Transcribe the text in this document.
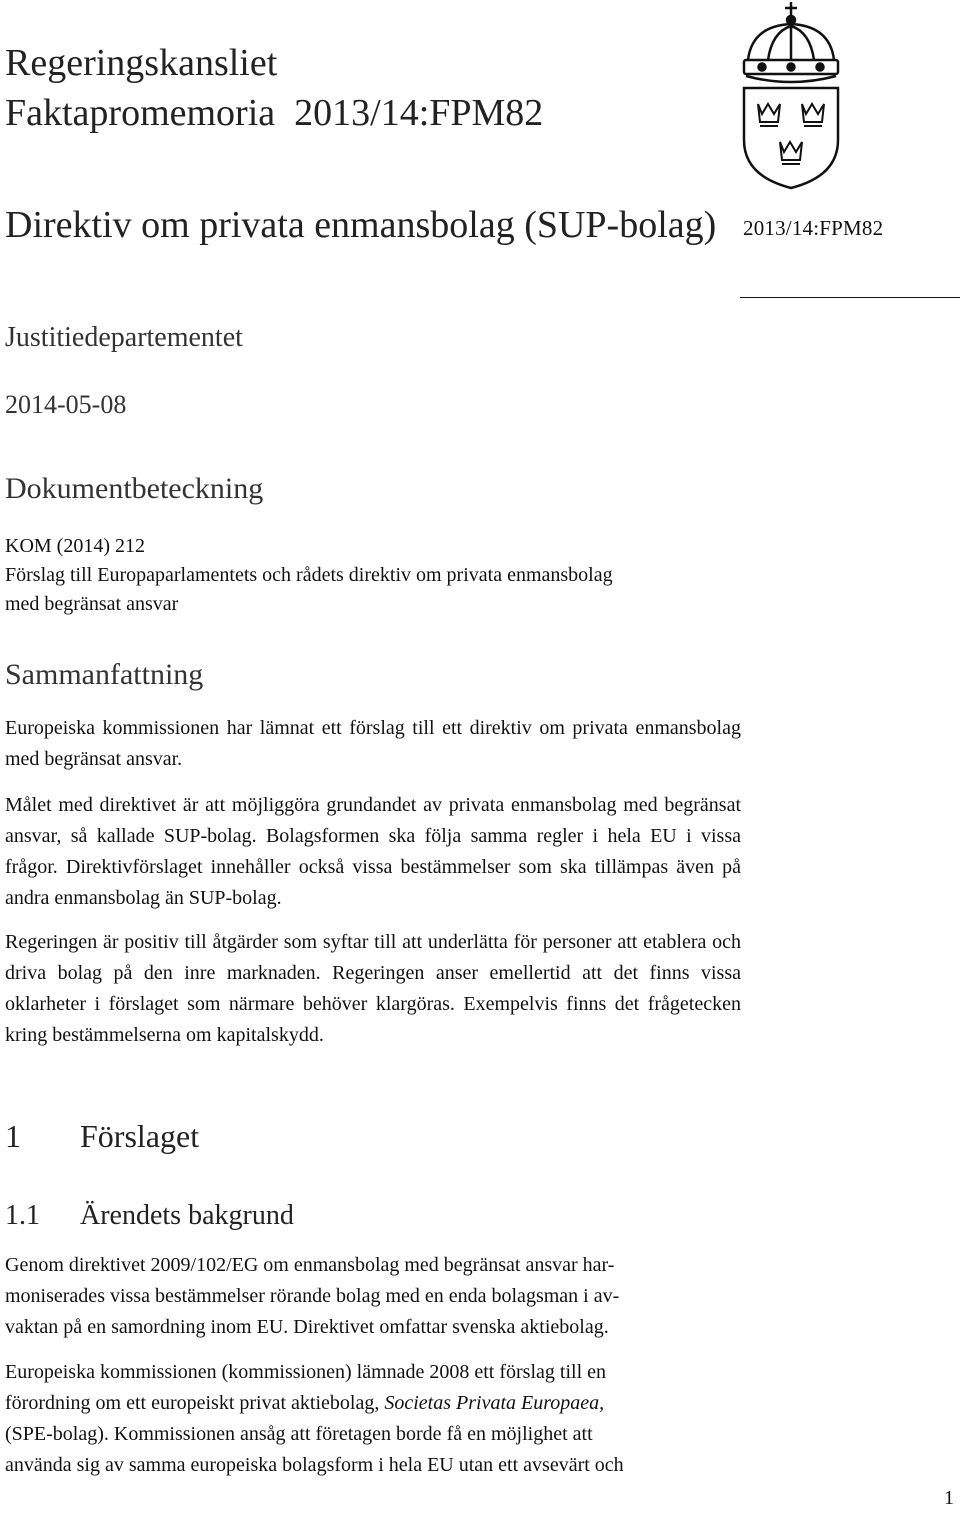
Regeringskansliet
Faktapromemoria  2013/14:FPM82
Direktiv om privata enmansbolag (SUP-bolag)	2013/14:FPM82
Justitiedepartementet
2014-05-08
Dokumentbeteckning
KOM (2014) 212
Förslag till Europaparlamentets och rådets direktiv om privata enmansbolag
med begränsat ansvar
Sammanfattning
Europeiska kommissionen har lämnat ett förslag till ett direktiv om privata enmansbolag med begränsat ansvar.
Målet med direktivet är att möjliggöra grundandet av privata enmansbolag med begränsat ansvar, så kallade SUP-bolag. Bolagsformen ska följa samma regler i hela EU i vissa frågor. Direktivförslaget innehåller också vissa bestämmelser som ska tillämpas även på andra enmansbolag än SUP-bolag.
Regeringen är positiv till åtgärder som syftar till att underlätta för personer att etablera och driva bolag på den inre marknaden. Regeringen anser emellertid att det finns vissa oklarheter i förslaget som närmare behöver klargöras. Exempelvis finns det frågetecken kring bestämmelserna om kapitalskydd.
1 Förslaget
1.1 Ärendets bakgrund
Genom direktivet 2009/102/EG om enmansbolag med begränsat ansvar har-
moniserades vissa bestämmelser rörande bolag med en enda bolagsman i av-
vaktan på en samordning inom EU. Direktivet omfattar svenska aktiebolag.
Europeiska kommissionen (kommissionen) lämnade 2008 ett förslag till en
förordning om ett europeiskt privat aktiebolag, Societas Privata Europaea,
(SPE-bolag). Kommissionen ansåg att företagen borde få en möjlighet att
använda sig av samma europeiska bolagsform i hela EU utan ett avsevärt och
1
